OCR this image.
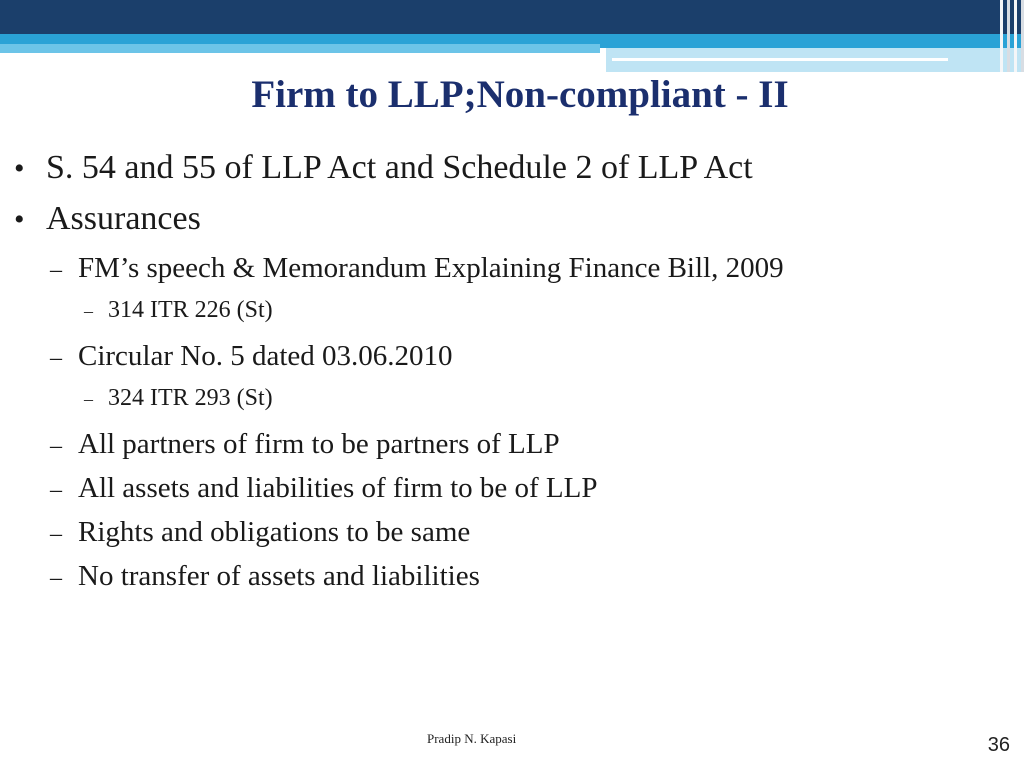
Firm to LLP;Non-compliant - II
• S. 54 and 55 of LLP Act and Schedule 2 of LLP Act
• Assurances
– FM’s speech & Memorandum Explaining Finance Bill, 2009
– 314 ITR 226 (St)
– Circular No. 5 dated 03.06.2010
– 324 ITR 293 (St)
– All partners of firm to be partners of LLP
– All assets and liabilities of firm to be of LLP
– Rights and obligations to be same
– No transfer of assets and liabilities
Pradip N. Kapasi	36
